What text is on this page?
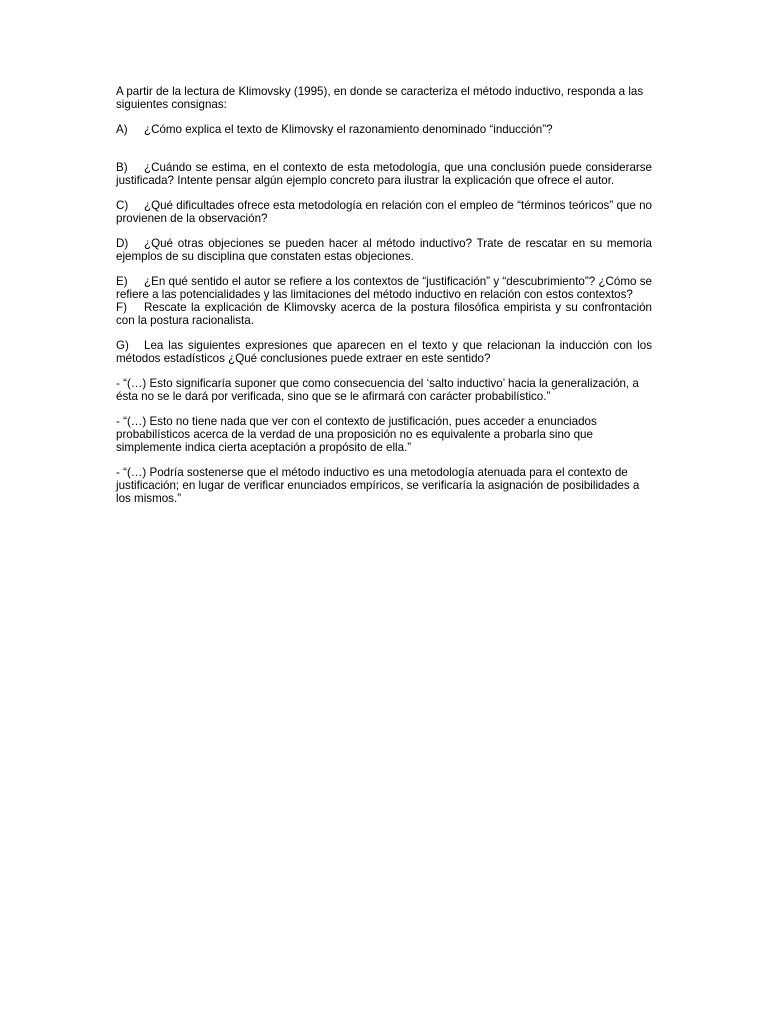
A partir de la lectura de Klimovsky (1995), en donde se caracteriza el método inductivo, responda a las siguientes consignas:

A) ¿Cómo explica el texto de Klimovsky el razonamiento denominado “inducción”?

B) ¿Cuándo se estima, en el contexto de esta metodología, que una conclusión puede considerarse justificada? Intente pensar algún ejemplo concreto para ilustrar la explicación que ofrece el autor.

C) ¿Qué dificultades ofrece esta metodología en relación con el empleo de “términos teóricos” que no provienen de la observación?

D) ¿Qué otras objeciones se pueden hacer al método inductivo? Trate de rescatar en su memoria ejemplos de su disciplina que constaten estas objeciones.

E) ¿En qué sentido el autor se refiere a los contextos de “justificación” y “descubrimiento”? ¿Cómo se refiere a las potencialidades y las limitaciones del método inductivo en relación con estos contextos?

F) Rescate la explicación de Klimovsky acerca de la postura filosófica empirista y su confrontación con la postura racionalista.

G) Lea las siguientes expresiones que aparecen en el texto y que relacionan la inducción con los métodos estadísticos ¿Qué conclusiones puede extraer en este sentido?

- “(…) Esto significaría suponer que como consecuencia del ‘salto inductivo’ hacia la generalización, a ésta no se le dará por verificada, sino que se le afirmará con carácter probabilístico.”

- “(…) Esto no tiene nada que ver con el contexto de justificación, pues acceder a enunciados probabilísticos acerca de la verdad de una proposición no es equivalente a probarla sino que simplemente indica cierta aceptación a propósito de ella.”

- “(…) Podría sostenerse que el método inductivo es una metodología atenuada para el contexto de justificación; en lugar de verificar enunciados empíricos, se verificaría la asignación de posibilidades a los mismos.”
